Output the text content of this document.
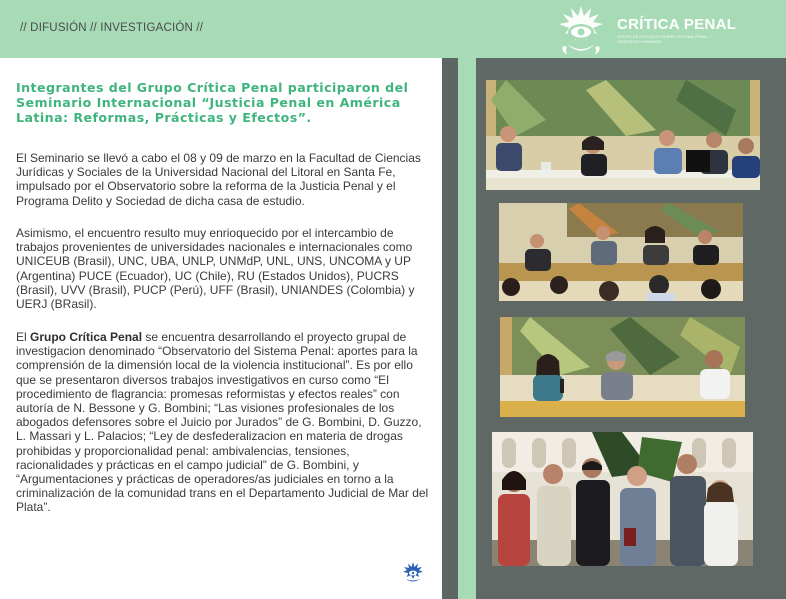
// DIFUSIÓN // INVESTIGACIÓN //	CRÍTICA PENAL
GRUPO DE ESTUDIOS SOBRE SISTEMA PENAL Y DERECHOS HUMANOS
Integrantes del Grupo Crítica Penal participaron del Seminario Internacional “Justicia Penal en América Latina: Reformas, Prácticas y Efectos”.

El Seminario se llevó a cabo el 08 y 09 de marzo en la Facultad de Ciencias Jurídicas y Sociales de la Universidad Nacional del Litoral en Santa Fe, impulsado por el Observatorio sobre la reforma de la Justicia Penal y el Programa Delito y Sociedad de dicha casa de estudio.

Asimismo, el encuentro resulto muy enrioquecido por el intercambio de trabajos provenientes de universidades nacionales e internacionales como UNICEUB (Brasil), UNC, UBA, UNLP, UNMdP, UNL, UNS, UNCOMA y UP (Argentina) PUCE (Ecuador), UC (Chile), RU (Estados Unidos), PUCRS (Brasil), UVV (Brasil), PUCP (Perú), UFF (Brasil), UNIANDES (Colombia) y UERJ (BRasil).

El Grupo Crítica Penal se encuentra desarrollando el proyecto grupal de investigacion denominado “Observatorio del Sistema Penal: aportes para la comprensión de la dimensión local de la violencia institucional”. Es por ello que se presentaron diversos trabajos investigativos en curso como “El procedimiento de flagrancia: promesas reformistas y efectos reales” con autoría de N. Bessone y G. Bombini; “Las visiones profesionales de los abogados defensores sobre el Juicio por Jurados” de G. Bombini, D. Guzzo, L. Massari y L. Palacios; “Ley de desfederalizacion en materia de drogas prohibidas y proporcionalidad penal: ambivalencias, tensiones, racionalidades y prácticas en el campo judicial” de G. Bombini, y “Argumentaciones y prácticas de operadores/as judiciales en torno a la criminalización de la comunidad trans en el Departamento Judicial de Mar del Plata”.
